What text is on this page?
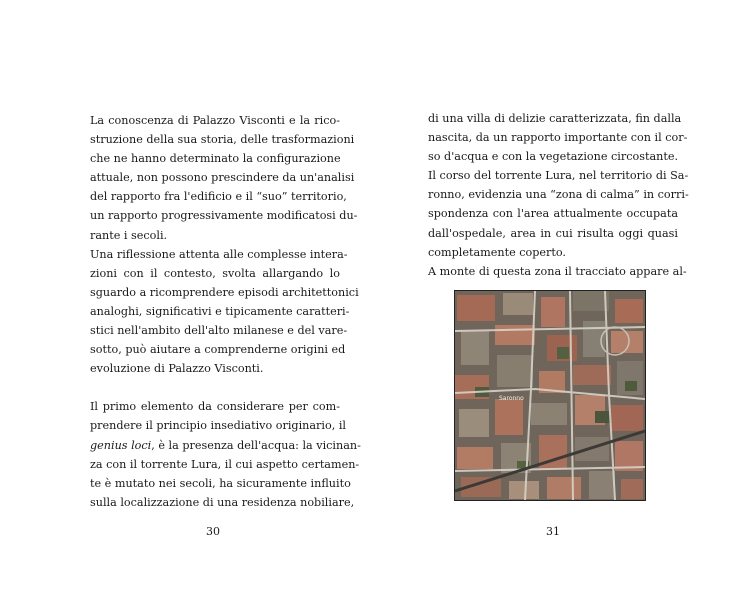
La conoscenza di Palazzo Visconti e la rico-
struzione della sua storia, delle trasformazioni
che ne hanno determinato la configurazione
attuale, non possono prescindere da un'analisi
del rapporto fra l'edificio e il “suo” territorio,
un rapporto progressivamente modificatosi du-
rante i secoli.

Una riflessione attenta alle complesse intera-
zioni con il contesto, svolta allargando lo
sguardo a ricomprendere episodi architettonici
analoghi, significativi e tipicamente caratteri-
stici nell'ambito dell'alto milanese e del vare-
sotto, può aiutare a comprenderne origini ed
evoluzione di Palazzo Visconti.

Il primo elemento da considerare per com-
prendere il principio insediativo originario, il
genius loci, è la presenza dell'acqua: la vicinan-
za con il torrente Lura, il cui aspetto certamen-
te è mutato nei secoli, ha sicuramente influito
sulla localizzazione di una residenza nobiliare,

30

di una villa di delizie caratterizzata, fin dalla
nascita, da un rapporto importante con il cor-
so d'acqua e con la vegetazione circostante.

Il corso del torrente Lura, nel territorio di Sa-
ronno, evidenzia una “zona di calma” in corri-
spondenza con l'area attualmente occupata
dall'ospedale, area in cui risulta oggi quasi
completamente coperto.

A monte di questa zona il tracciato appare al-

Saronno
31
